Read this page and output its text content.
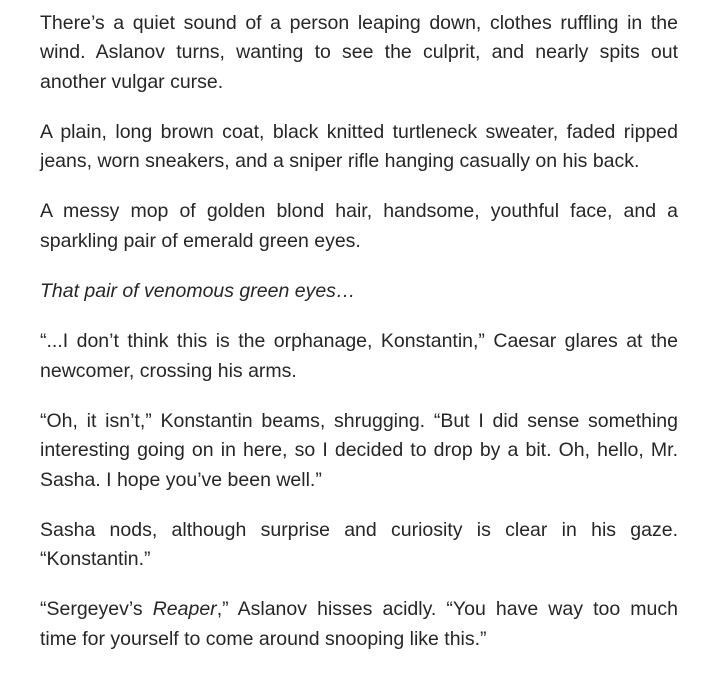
There’s a quiet sound of a person leaping down, clothes ruffling in the wind. Aslanov turns, wanting to see the culprit, and nearly spits out another vulgar curse.

A plain, long brown coat, black knitted turtleneck sweater, faded ripped jeans, worn sneakers, and a sniper rifle hanging casually on his back.

A messy mop of golden blond hair, handsome, youthful face, and a sparkling pair of emerald green eyes.

That pair of venomous green eyes…

“...I don’t think this is the orphanage, Konstantin,” Caesar glares at the newcomer, crossing his arms.

“Oh, it isn’t,” Konstantin beams, shrugging. “But I did sense something interesting going on in here, so I decided to drop by a bit. Oh, hello, Mr. Sasha. I hope you’ve been well.”

Sasha nods, although surprise and curiosity is clear in his gaze. “Konstantin.”

“Sergeyev’s Reaper,” Aslanov hisses acidly. “You have way too much time for yourself to come around snooping like this.”
